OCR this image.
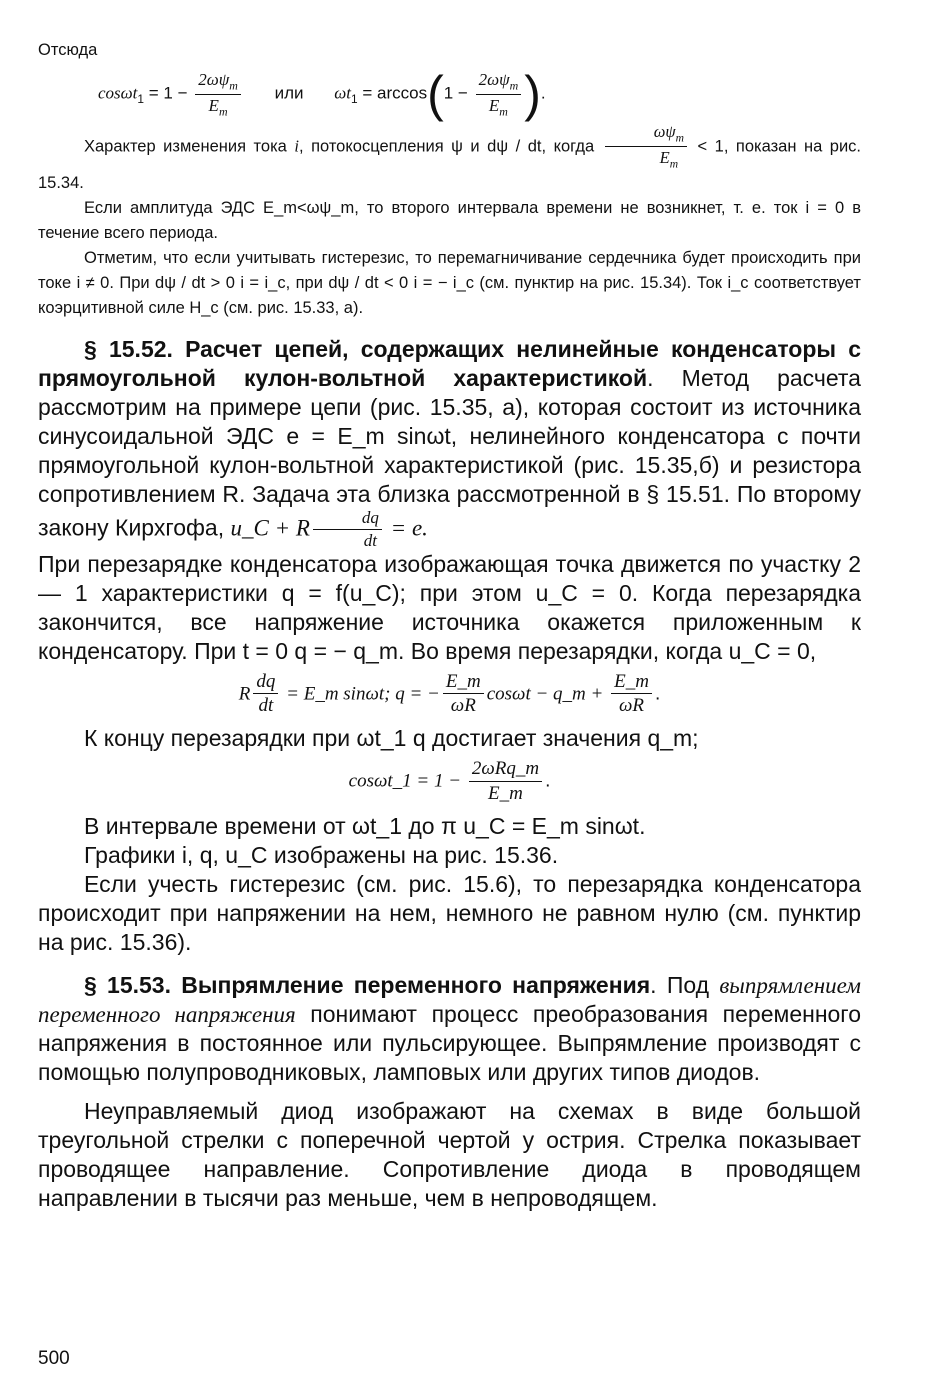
Отсюда

$\cos\omega t_1 = 1 - \frac{2\omega\psi_m}{E_m}$ или $\omega t_1 = \arccos(1 - \frac{2\omega\psi_m}{E_m}$ ).

Характер изменения тока i, потокосцепления ψ и dψ / dt, когда $\frac{\omega\psi_m}{E_m} < 1$, показан на рис. 15.34.

Если амплитуда ЭДС E_m<ωψ_m, то второго интервала времени не возникнет, т. е. ток i = 0 в течение всего периода.

Отметим, что если учитывать гистерезис, то перемагничивание сердечника будет происходить при токе i ≠ 0. При dψ / dt > 0 i = i_c, при dψ / dt < 0 i = − i_c (см. пунктир на рис. 15.34). Ток i_c соответствует коэрцитивной силе H_c (см. рис. 15.33, а).

§ 15.52. Расчет цепей, содержащих нелинейные конденсаторы с прямоугольной кулон-вольтной характеристикой. Метод расчета рассмотрим на примере цепи (рис. 15.35, а), которая состоит из источника синусоидальной ЭДС e = E_m sinωt, нелинейного конденсатора с почти прямоугольной кулон-вольтной характеристикой (рис. 15.35,б) и резистора сопротивлением R. Задача эта близка рассмотренной в § 15.51. По второму закону Кирхгофа, u_C + R $\frac{dq}{dt} = e$.

При перезарядке конденсатора изображающая точка движется по участку 2 — 1 характеристики q = f(u_C); при этом u_C = 0. Когда перезарядка закончится, все напряжение источника окажется приложенным к конденсатору. При t = 0 q = − q_m. Во время перезарядки, когда u_C = 0,

R $\frac{dq}{dt}$ = E_m sinωt; q = − $\frac{E\_m}{\omega R}$ cosωt − q_m + $\frac{E\_m}{\omega R}$ .

К концу перезарядки при ωt_1 q достигает значения q_m;

cosωt_1 = $1 - \frac{\text{2ωRq\_m}}{E\_m}$ .

В интервале времени от ωt_1 до π u_C = E_m sinωt.

Графики i, q, u_C изображены на рис. 15.36.

Если учесть гистерезис (см. рис. 15.6), то перезарядка конденсатора происходит при напряжении на нем, немного не равном нулю (см. пунктир на рис. 15.36).

§ 15.53. Выпрямление переменного напряжения. Под выпрямлением переменного напряжения понимают процесс преобразования переменного напряжения в постоянное или пульсирующее. Выпрямление производят с помощью полупроводниковых, ламповых или других типов диодов.

Неуправляемый диод изображают на схемах в виде большой треугольной стрелки с поперечной чертой у острия. Стрелка показывает проводящее направление. Сопротивление диода в проводящем направлении в тысячи раз меньше, чем в непроводящем.

500
